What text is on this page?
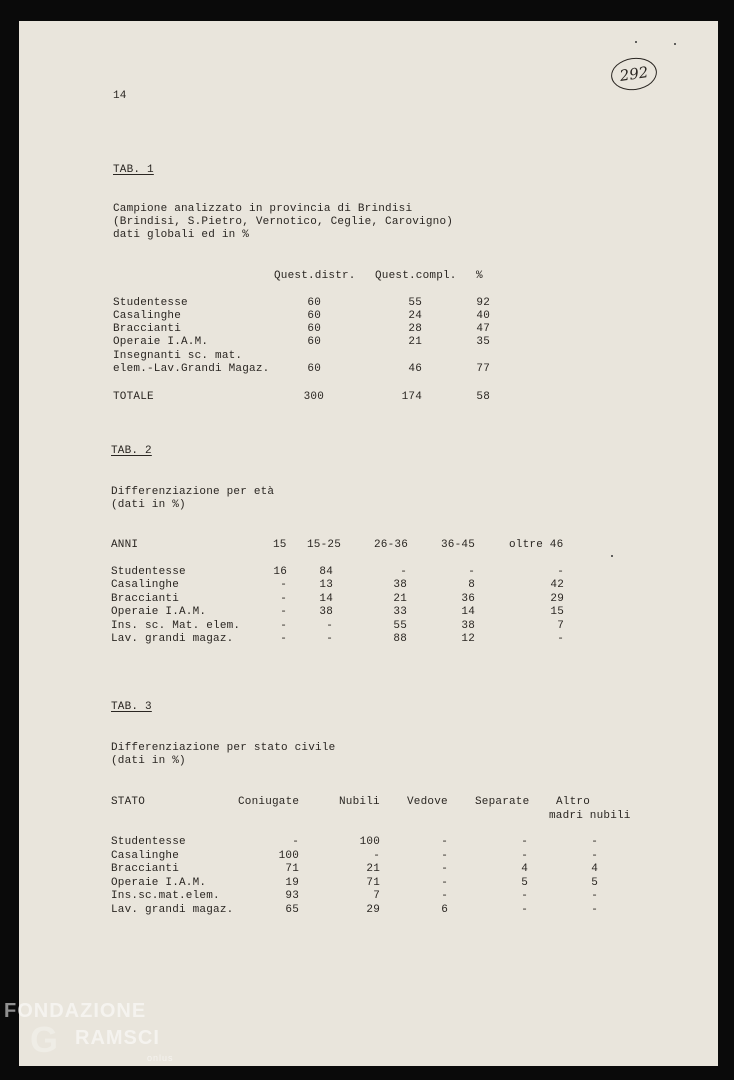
14
292
TAB. 1
Campione analizzato in provincia di Brindisi
(Brindisi, S.Pietro, Vernotico, Ceglie, Carovigno)
dati globali ed in %
Quest.distr. Quest.compl. %
Studentesse	60	55	92
Casalinghe	60	24	40
Braccianti	60	28	47
Operaie I.A.M.	60	21	35
Insegnanti sc. mat.
elem.-Lav.Grandi Magaz.	60	46	77
TOTALE	300	174	58
TAB. 2
Differenziazione per età
(dati in %)
ANNI	15 15-25	26-36	36-45	oltre 46
Studentesse	16	84	-	-	-
Casalinghe	-	13	38	8	42
Braccianti	-	14	21	36	29
Operaie I.A.M.	-	38	33	14	15
Ins. sc. Mat. elem.	-	-	55	38	7
Lav. grandi magaz.	-	-	88	12	-
TAB. 3
Differenziazione per stato civile
(dati in %)
STATO	Coniugate	Nubili Vedove Separate Altro
madri nubili
Studentesse	-	100	-	-	-
Casalinghe	100	-	-	-	-
Braccianti	71	21	-	4	4
Operaie I.A.M.	19	71	-	5	5
Ins.sc.mat.elem.	93	7	-	-	-
Lav. grandi magaz.	65	29	6	-	-
FONDAZIONE
G RAMSCI
onlus
